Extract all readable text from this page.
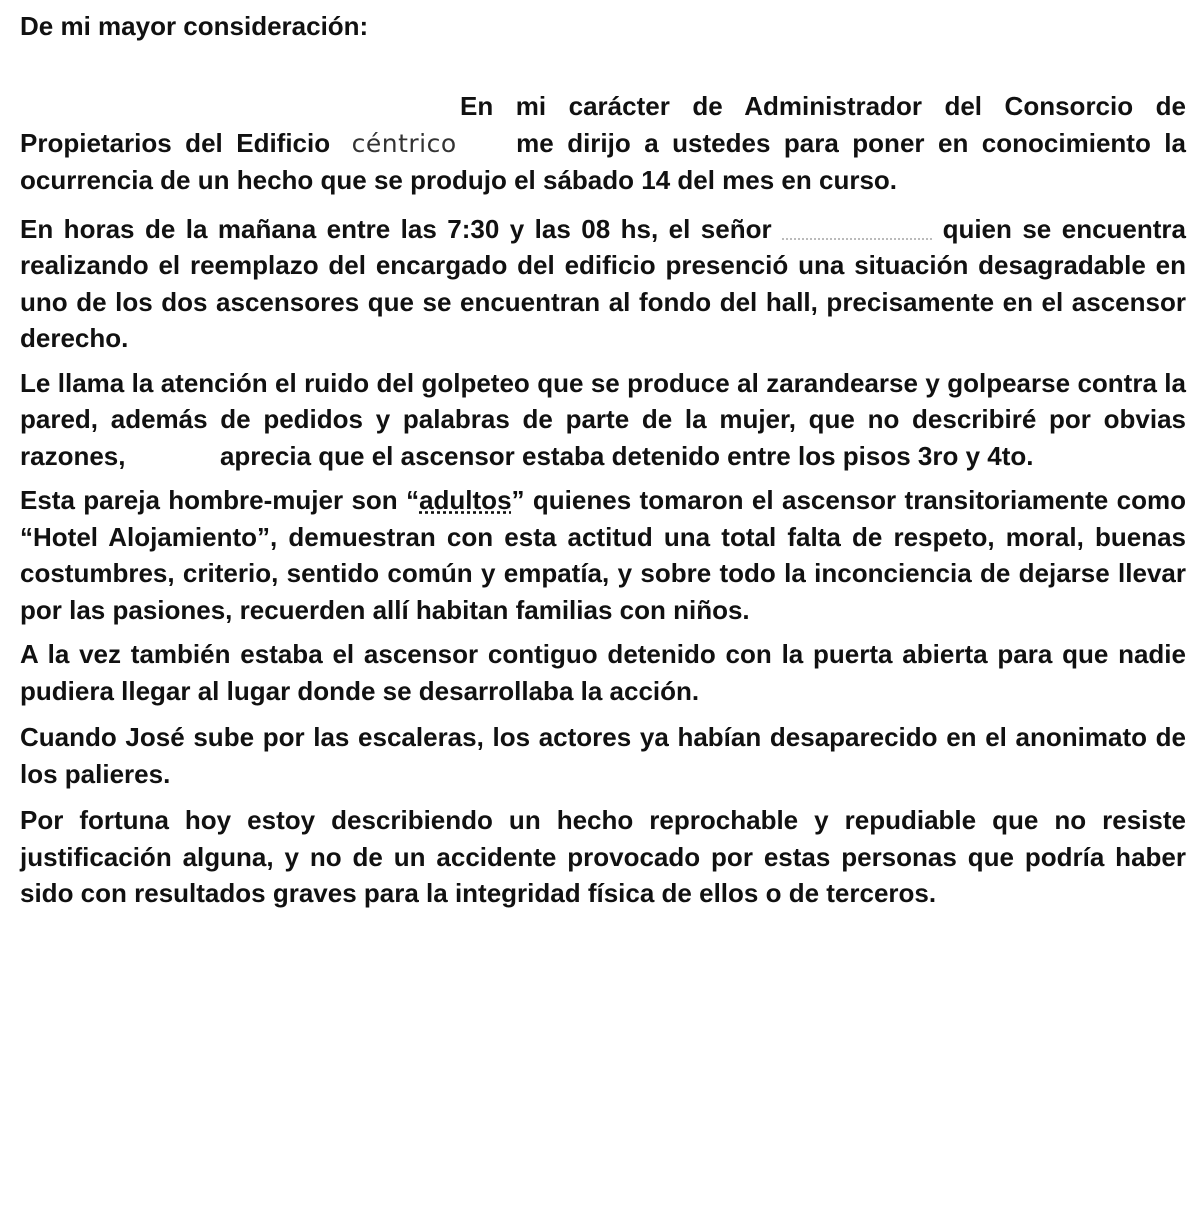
De mi mayor consideración:

En mi carácter de Administrador del Consorcio de Propietarios del Edificio céntrico me dirijo a ustedes para poner en conocimiento la ocurrencia de un hecho que se produjo el sábado 14 del mes en curso.

En horas de la mañana entre las 7:30 y las 08 hs, el señor	quien se encuentra realizando el reemplazo del encargado del edificio presenció una situación desagradable en uno de los dos ascensores que se encuentran al fondo del hall, precisamente en el ascensor derecho.

Le llama la atención el ruido del golpeteo que se produce al zarandearse y golpearse contra la pared, además de pedidos y palabras de parte de la mujer, que no describiré por obvias razones,	aprecia que el ascensor estaba detenido entre los pisos 3ro y 4to.

Esta pareja hombre-mujer son “adultos” quienes tomaron el ascensor transitoriamente como “Hotel Alojamiento”, demuestran con esta actitud una total falta de respeto, moral, buenas costumbres, criterio, sentido común y empatía, y sobre todo la inconciencia de dejarse llevar por las pasiones, recuerden allí habitan familias con niños.

A la vez también estaba el ascensor contiguo detenido con la puerta abierta para que nadie pudiera llegar al lugar donde se desarrollaba la acción.

Cuando José sube por las escaleras, los actores ya habían desaparecido en el anonimato de los palieres.

Por fortuna hoy estoy describiendo un hecho reprochable y repudiable que no resiste justificación alguna, y no de un accidente provocado por estas personas que podría haber sido con resultados graves para la integridad física de ellos o de terceros.
